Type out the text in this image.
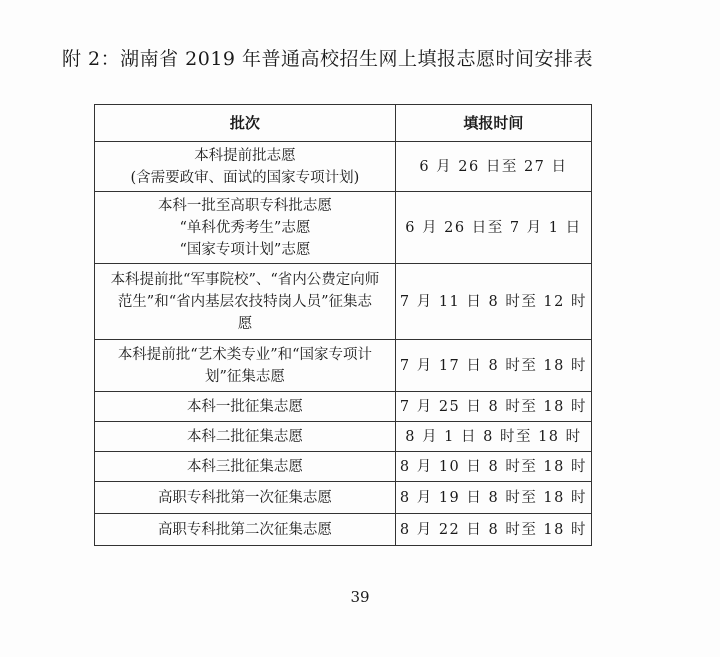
附 2：湖南省 2019 年普通高校招生网上填报志愿时间安排表
批次	填报时间

本科提前批志愿
(含需要政审、面试的国家专项计划)	6 月 26 日至 27 日

本科一批至高职专科批志愿
“单科优秀考生”志愿
“国家专项计划”志愿	6 月 26 日至 7 月 1 日

本科提前批“军事院校”、“省内公费定向师
范生”和“省内基层农技特岗人员”征集志
愿	7 月 11 日 8 时至 12 时

本科提前批“艺术类专业”和“国家专项计
划”征集志愿	7 月 17 日 8 时至 18 时

本科一批征集志愿	7 月 25 日 8 时至 18 时

本科二批征集志愿	8 月 1 日 8 时至 18 时

本科三批征集志愿	8 月 10 日 8 时至 18 时

高职专科批第一次征集志愿	8 月 19 日 8 时至 18 时

高职专科批第二次征集志愿	8 月 22 日 8 时至 18 时
39
